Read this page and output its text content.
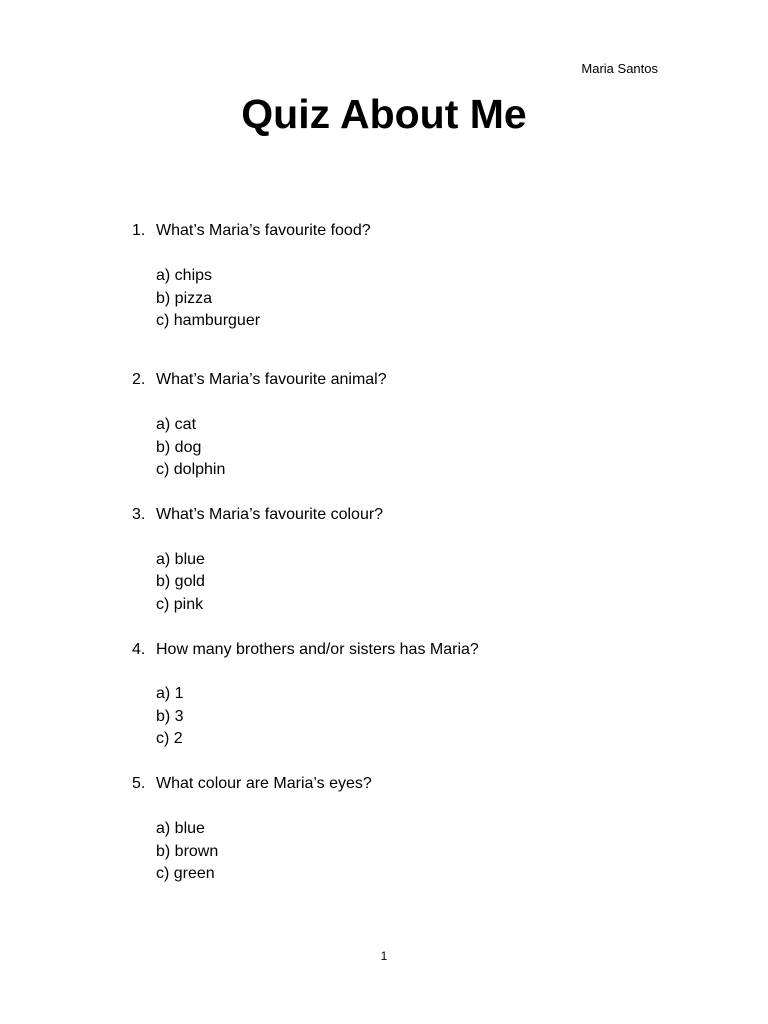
Maria Santos
Quiz About Me
1. What’s Maria’s favourite food?
a) chips
b) pizza
c) hamburguer
2. What’s Maria’s favourite animal?
a) cat
b) dog
c) dolphin
3. What’s Maria’s favourite colour?
a) blue
b) gold
c) pink
4. How many brothers and/or sisters has Maria?
a) 1
b) 3
c) 2
5. What colour are Maria’s eyes?
a) blue
b) brown
c) green
1
